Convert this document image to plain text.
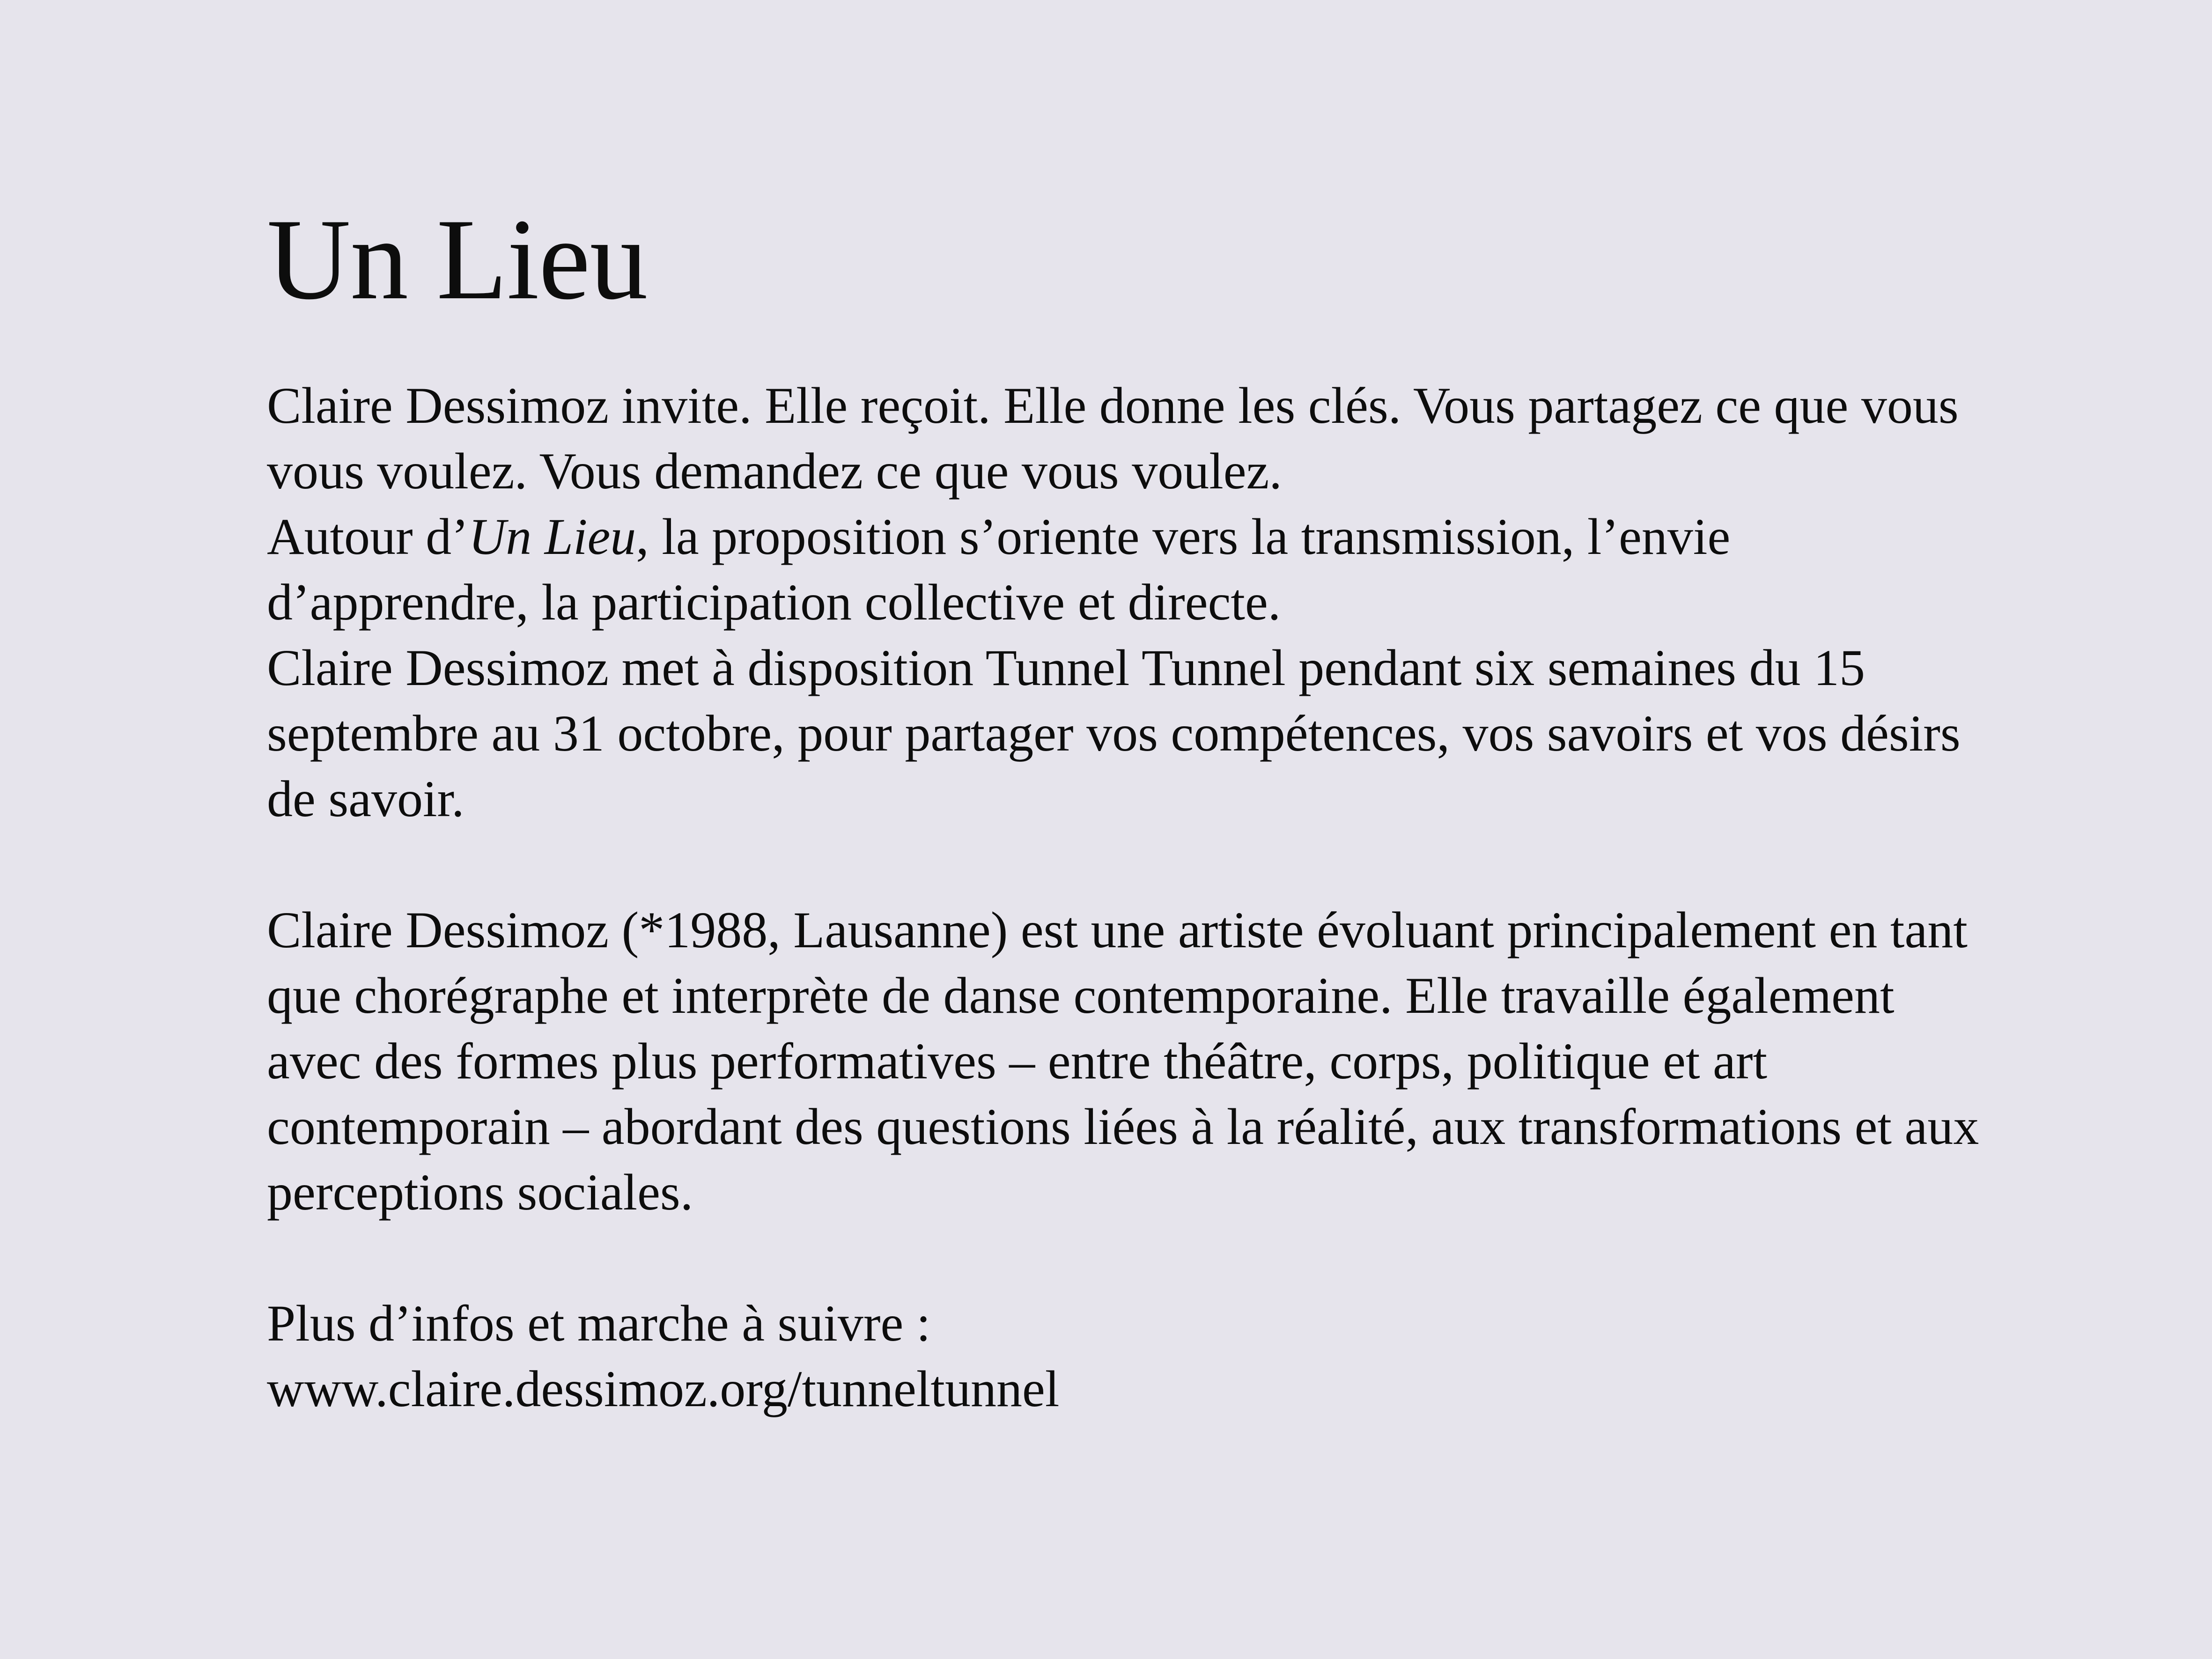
Un Lieu

Claire Dessimoz invite. Elle reçoit. Elle donne les clés. Vous partagez ce que vous vous voulez. Vous demandez ce que vous voulez.

Autour d’Un Lieu, la proposition s’oriente vers la transmission, l’envie d’apprendre, la participation collective et directe.

Claire Dessimoz met à disposition Tunnel Tunnel pendant six semaines du 15 septembre au 31 octobre, pour partager vos compétences, vos savoirs et vos désirs de savoir.

Claire Dessimoz (*1988, Lausanne) est une artiste évoluant principalement en tant que chorégraphe et interprète de danse contemporaine. Elle travaille également avec des formes plus performatives – entre théâtre, corps, politique et art contemporain – abordant des questions liées à la réalité, aux transformations et aux perceptions sociales.

Plus d’infos et marche à suivre :

www.claire.dessimoz.org/tunneltunnel
